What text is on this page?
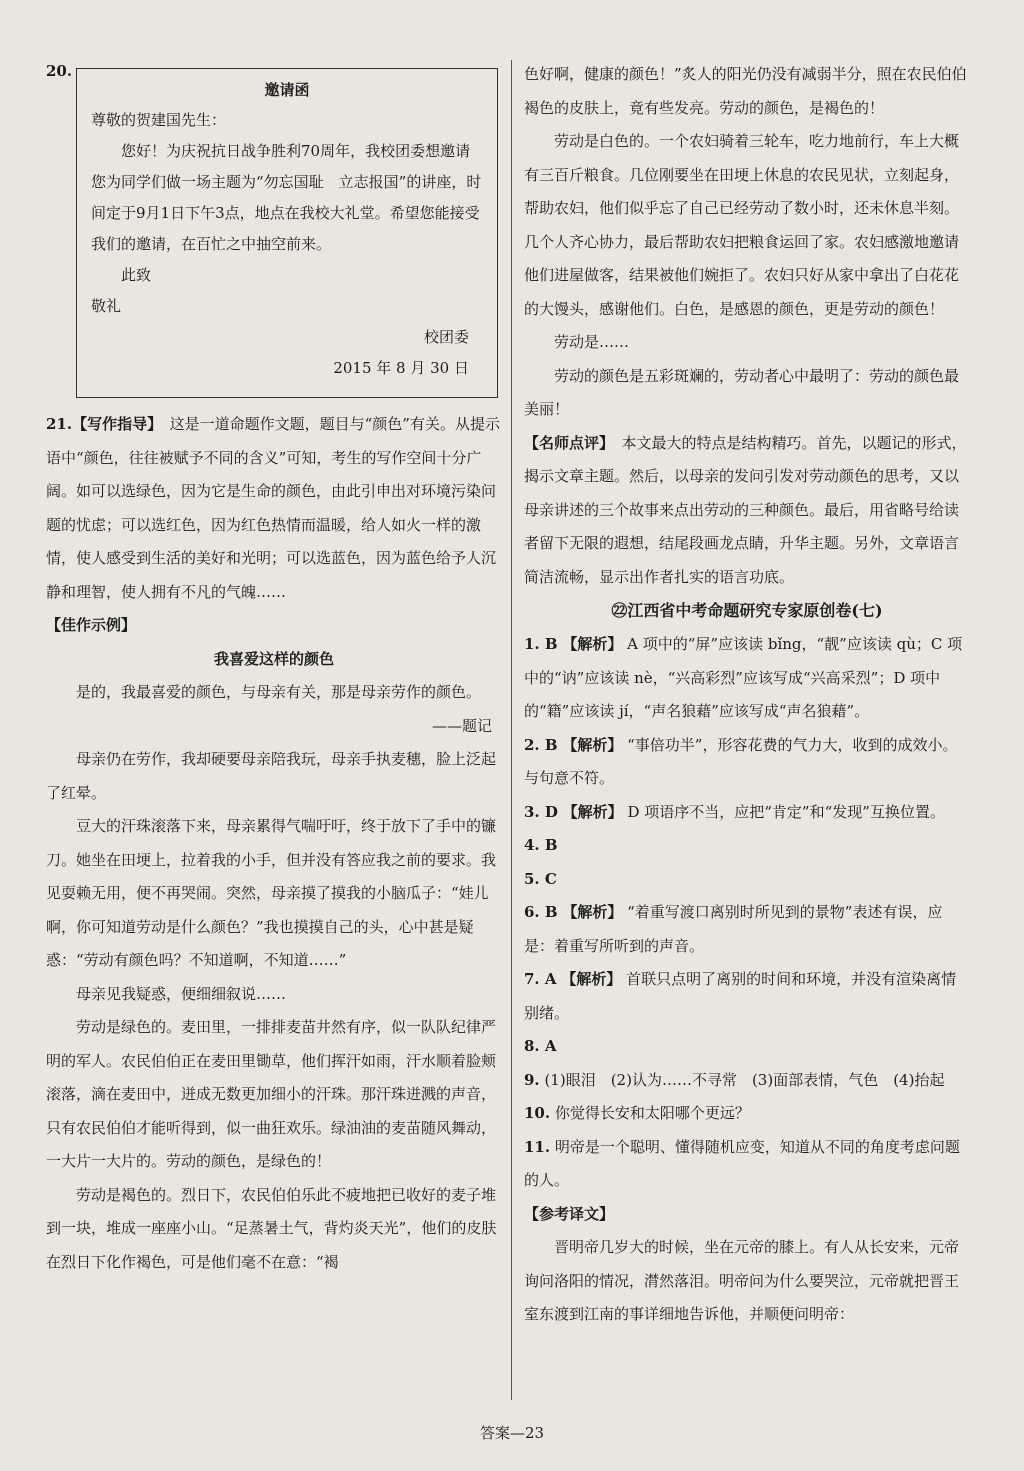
20.
邀请函

尊敬的贺建国先生：

您好！为庆祝抗日战争胜利70周年，我校团委想邀请您为同学们做一场主题为“勿忘国耻　立志报国”的讲座，时间定于9月1日下午3点，地点在我校大礼堂。希望您能接受我们的邀请，在百忙之中抽空前来。

此致

敬礼

校团委

2015 年 8 月 30 日

21.【写作指导】　 这是一道命题作文题，题目与“颜色”有关。从提示语中“颜色，往往被赋予不同的含义”可知，考生的写作空间十分广阔。如可以选绿色，因为它是生命的颜色，由此引申出对环境污染问题的忧虑；可以选红色，因为红色热情而温暖，给人如火一样的激情，使人感受到生活的美好和光明；可以选蓝色，因为蓝色给予人沉静和理智，使人拥有不凡的气魄……

【佳作示例】

我喜爱这样的颜色

是的，我最喜爱的颜色，与母亲有关，那是母亲劳作的颜色。

——题记

母亲仍在劳作，我却硬要母亲陪我玩，母亲手执麦穗，脸上泛起了红晕。

豆大的汗珠滚落下来，母亲累得气喘吁吁，终于放下了手中的镰刀。她坐在田埂上，拉着我的小手，但并没有答应我之前的要求。我见耍赖无用，便不再哭闹。突然，母亲摸了摸我的小脑瓜子：“娃儿啊，你可知道劳动是什么颜色？”我也摸摸自己的头，心中甚是疑惑：“劳动有颜色吗？不知道啊，不知道……”

母亲见我疑惑，便细细叙说……

劳动是绿色的。麦田里，一排排麦苗井然有序，似一队队纪律严明的军人。农民伯伯正在麦田里锄草，他们挥汗如雨，汗水顺着脸颊滚落，滴在麦田中，迸成无数更加细小的汗珠。那汗珠迸溅的声音，只有农民伯伯才能听得到，似一曲狂欢乐。绿油油的麦苗随风舞动，一大片一大片的。劳动的颜色，是绿色的！

劳动是褐色的。烈日下，农民伯伯乐此不疲地把已收好的麦子堆到一块，堆成一座座小山。“足蒸暑土气，背灼炎天光”，他们的皮肤在烈日下化作褐色，可是他们毫不在意：“褐

色好啊，健康的颜色！”炙人的阳光仍没有减弱半分，照在农民伯伯褐色的皮肤上，竟有些发亮。劳动的颜色，是褐色的！

劳动是白色的。一个农妇骑着三轮车，吃力地前行，车上大概有三百斤粮食。几位刚要坐在田埂上休息的农民见状，立刻起身，帮助农妇，他们似乎忘了自己已经劳动了数小时，还未休息半刻。几个人齐心协力，最后帮助农妇把粮食运回了家。农妇感激地邀请他们进屋做客，结果被他们婉拒了。农妇只好从家中拿出了白花花的大馒头，感谢他们。白色，是感恩的颜色，更是劳动的颜色！

劳动是……

劳动的颜色是五彩斑斓的，劳动者心中最明了：劳动的颜色最美丽！

【名师点评】　 本文最大的特点是结构精巧。首先，以题记的形式，揭示文章主题。然后，以母亲的发问引发对劳动颜色的思考，又以母亲讲述的三个故事来点出劳动的三种颜色。最后，用省略号给读者留下无限的遐想，结尾段画龙点睛，升华主题。另外，文章语言简洁流畅，显示出作者扎实的语言功底。

㉒江西省中考命题研究专家原创卷(七)

1. B 【解析】 A 项中的“屏”应该读 bǐng，“靓”应该读 qù；C 项中的“讷”应该读 nè，“兴高彩烈”应该写成“兴高采烈”；D 项中的“籍”应该读 jí，“声名狼藉”应该写成“声名狼藉”。

2. B 【解析】 “事倍功半”，形容花费的气力大，收到的成效小。与句意不符。

3. D 【解析】 D 项语序不当，应把“肯定”和“发现”互换位置。

4. B

5. C

6. B 【解析】 “着重写渡口离别时所见到的景物”表述有误，应是：着重写所听到的声音。

7. A 【解析】 首联只点明了离别的时间和环境，并没有渲染离情别绪。

8. A

9. (1)眼泪　(2)认为……不寻常　(3)面部表情，气色　(4)抬起

10. 你觉得长安和太阳哪个更远？

11. 明帝是一个聪明、懂得随机应变，知道从不同的角度考虑问题的人。

【参考译文】

晋明帝几岁大的时候，坐在元帝的膝上。有人从长安来，元帝询问洛阳的情况，潸然落泪。明帝问为什么要哭泣，元帝就把晋王室东渡到江南的事详细地告诉他，并顺便问明帝：

答案—23
